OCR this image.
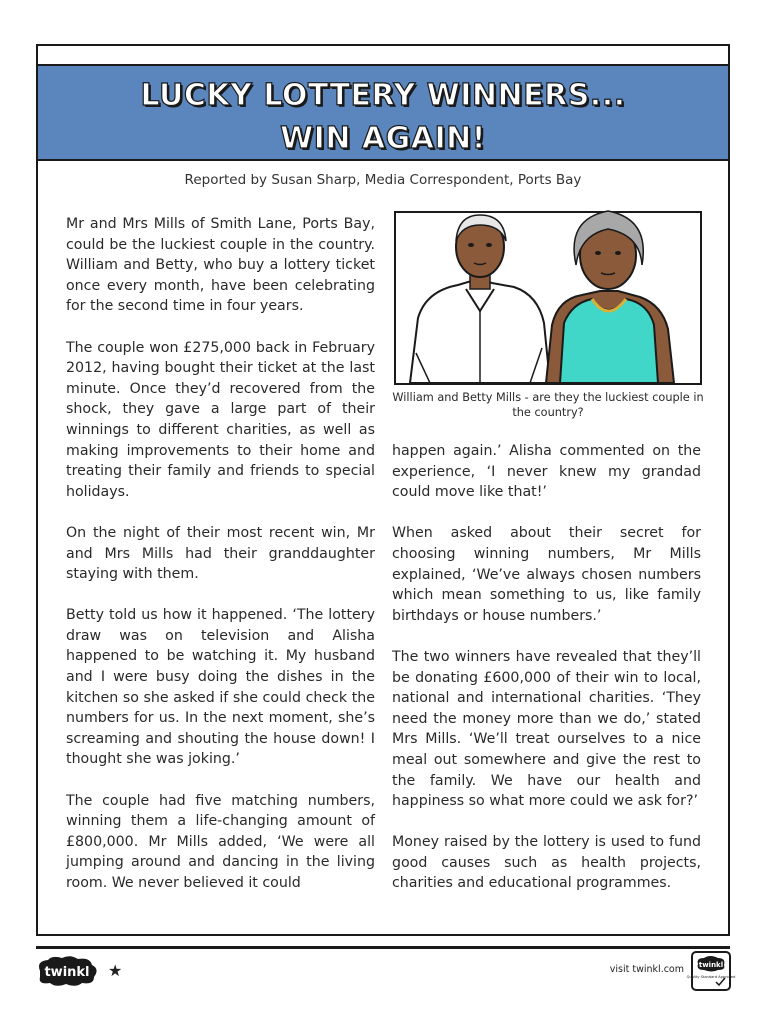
LUCKY LOTTERY WINNERS...
WIN AGAIN!
Reported by Susan Sharp, Media Correspondent, Ports Bay

Mr and Mrs Mills of Smith Lane, Ports Bay, could be the luckiest couple in the country. William and Betty, who buy a lottery ticket once every month, have been celebrating for the second time in four years.

The couple won £275,000 back in February 2012, having bought their ticket at the last minute. Once they’d recovered from the shock, they gave a large part of their winnings to different charities, as well as making improvements to their home and treating their family and friends to special holidays.

On the night of their most recent win, Mr and Mrs Mills had their granddaughter staying with them.

Betty told us how it happened. ‘The lottery draw was on television and Alisha happened to be watching it. My husband and I were busy doing the dishes in the kitchen so she asked if she could check the numbers for us. In the next moment, she’s screaming and shouting the house down! I thought she was joking.’

The couple had five matching numbers, winning them a life-changing amount of £800,000. Mr Mills added, ‘We were all jumping around and dancing in the living room. We never believed it could

William and Betty Mills - are they the luckiest couple in the country?

happen again.’ Alisha commented on the experience, ‘I never knew my grandad could move like that!’

When asked about their secret for choosing winning numbers, Mr Mills explained, ‘We’ve always chosen numbers which mean something to us, like family birthdays or house numbers.’

The two winners have revealed that they’ll be donating £600,000 of their win to local, national and international charities. ‘They need the money more than we do,’ stated Mrs Mills. ‘We’ll treat ourselves to a nice meal out somewhere and give the rest to the family. We have our health and happiness so what more could we ask for?’

Money raised by the lottery is used to fund good causes such as health projects, charities and educational programmes.

twinkl ★	visit twinkl.com twinkl
Quality Standard Approved
